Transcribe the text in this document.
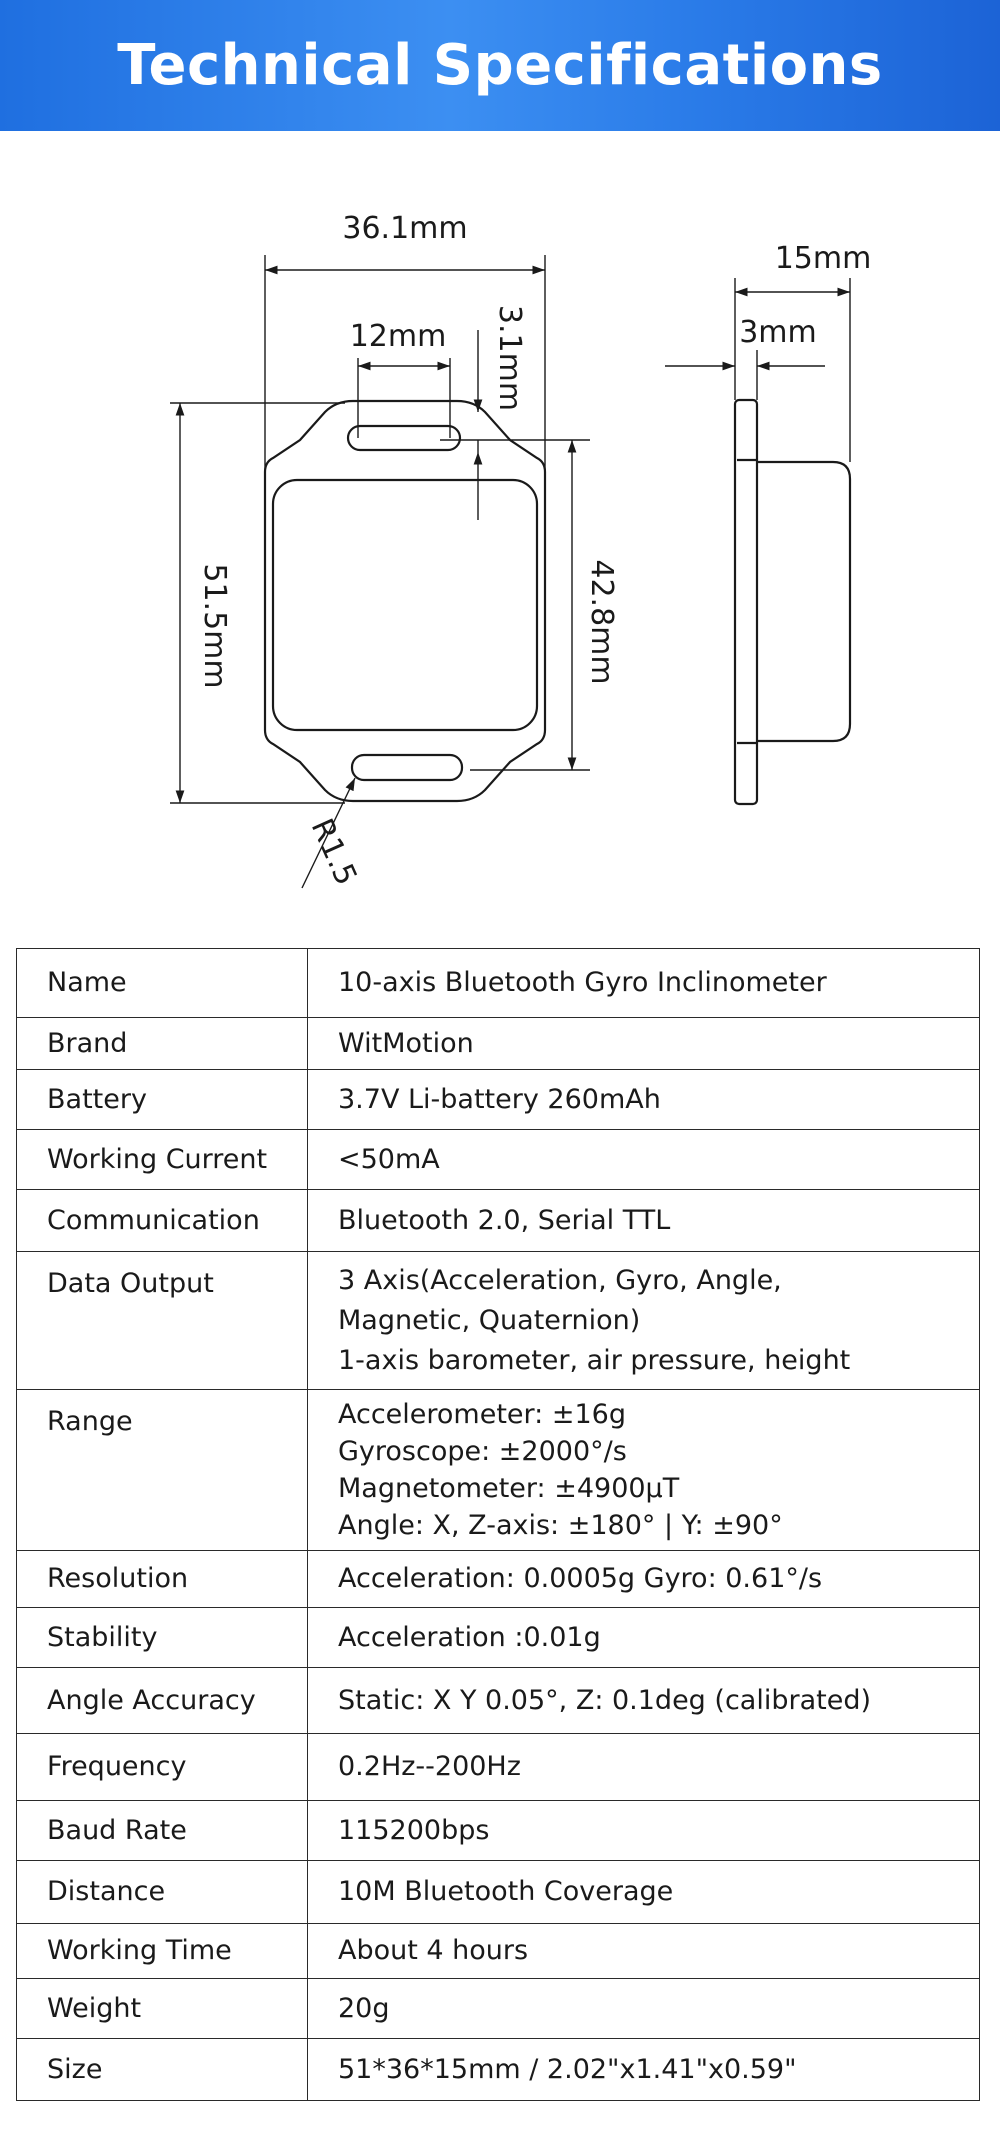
Technical Specifications
36.1mm
12mm 3.1mm
51.5mm	42.8mm
R1.5
15mm
3mm
Name	10-axis Bluetooth Gyro Inclinometer
Brand	WitMotion
Battery	3.7V Li-battery 260mAh
Working Current	<50mA
Communication	Bluetooth 2.0, Serial TTL
Data Output	3 Axis(Acceleration, Gyro, Angle,
Magnetic, Quaternion)
1-axis barometer, air pressure, height
Range	Accelerometer: ±16g
Gyroscope: ±2000°/s
Magnetometer: ±4900μT
Angle: X, Z-axis: ±180° | Y: ±90°
Resolution	Acceleration: 0.0005g Gyro: 0.61°/s
Stability	Acceleration :0.01g
Angle Accuracy	Static: X Y 0.05°, Z: 0.1deg (calibrated)
Frequency	0.2Hz--200Hz
Baud Rate	115200bps
Distance	10M Bluetooth Coverage
Working Time	About 4 hours
Weight	20g
Size	51*36*15mm / 2.02"x1.41"x0.59"
